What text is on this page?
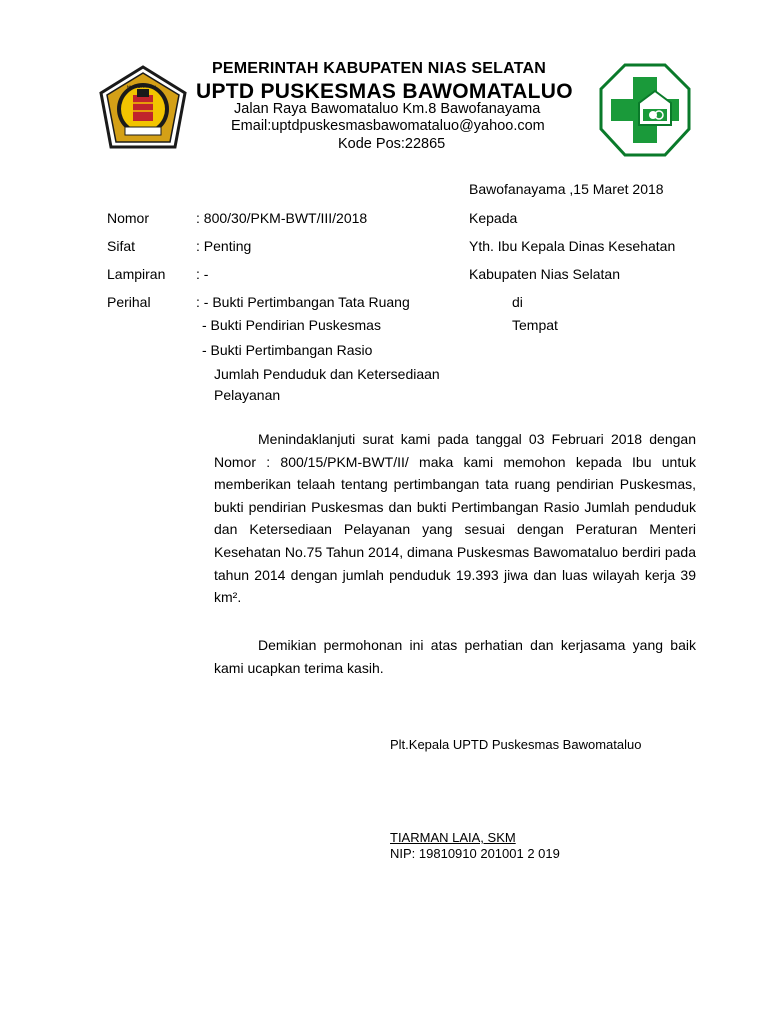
NIAS SELATAN
PEMERINTAH KABUPATEN NIAS SELATAN
UPTD PUSKESMAS BAWOMATALUO
Jalan Raya Bawomataluo Km.8 Bawofanayama
Email:uptdpuskesmasbawomataluo@yahoo.com
Kode Pos:22865
Bawofanayama ,15 Maret 2018
Nomor	: 800/30/PKM-BWT/III/2018
Sifat	: Penting
Lampiran : -
Perihal	: - Bukti Pertimbangan Tata Ruang
- Bukti Pendirian Puskesmas
- Bukti Pertimbangan Rasio
Jumlah Penduduk dan Ketersediaan
Pelayanan
Kepada
Yth. Ibu Kepala Dinas Kesehatan
Kabupaten Nias Selatan
di
Tempat
Menindaklanjuti surat kami pada tanggal 03 Februari 2018 dengan Nomor : 800/15/PKM-BWT/II/ maka kami memohon kepada Ibu untuk memberikan telaah tentang pertimbangan tata ruang pendirian Puskesmas, bukti pendirian Puskesmas dan bukti Pertimbangan Rasio Jumlah penduduk dan Ketersediaan Pelayanan yang sesuai dengan Peraturan Menteri Kesehatan No.75 Tahun 2014, dimana Puskesmas Bawomataluo berdiri pada tahun 2014 dengan jumlah penduduk 19.393 jiwa dan luas wilayah kerja 39 km².
Demikian permohonan ini atas perhatian dan kerjasama yang baik kami ucapkan terima kasih.
Plt.Kepala UPTD Puskesmas Bawomataluo
TIARMAN LAIA, SKM
NIP: 19810910 201001 2 019
